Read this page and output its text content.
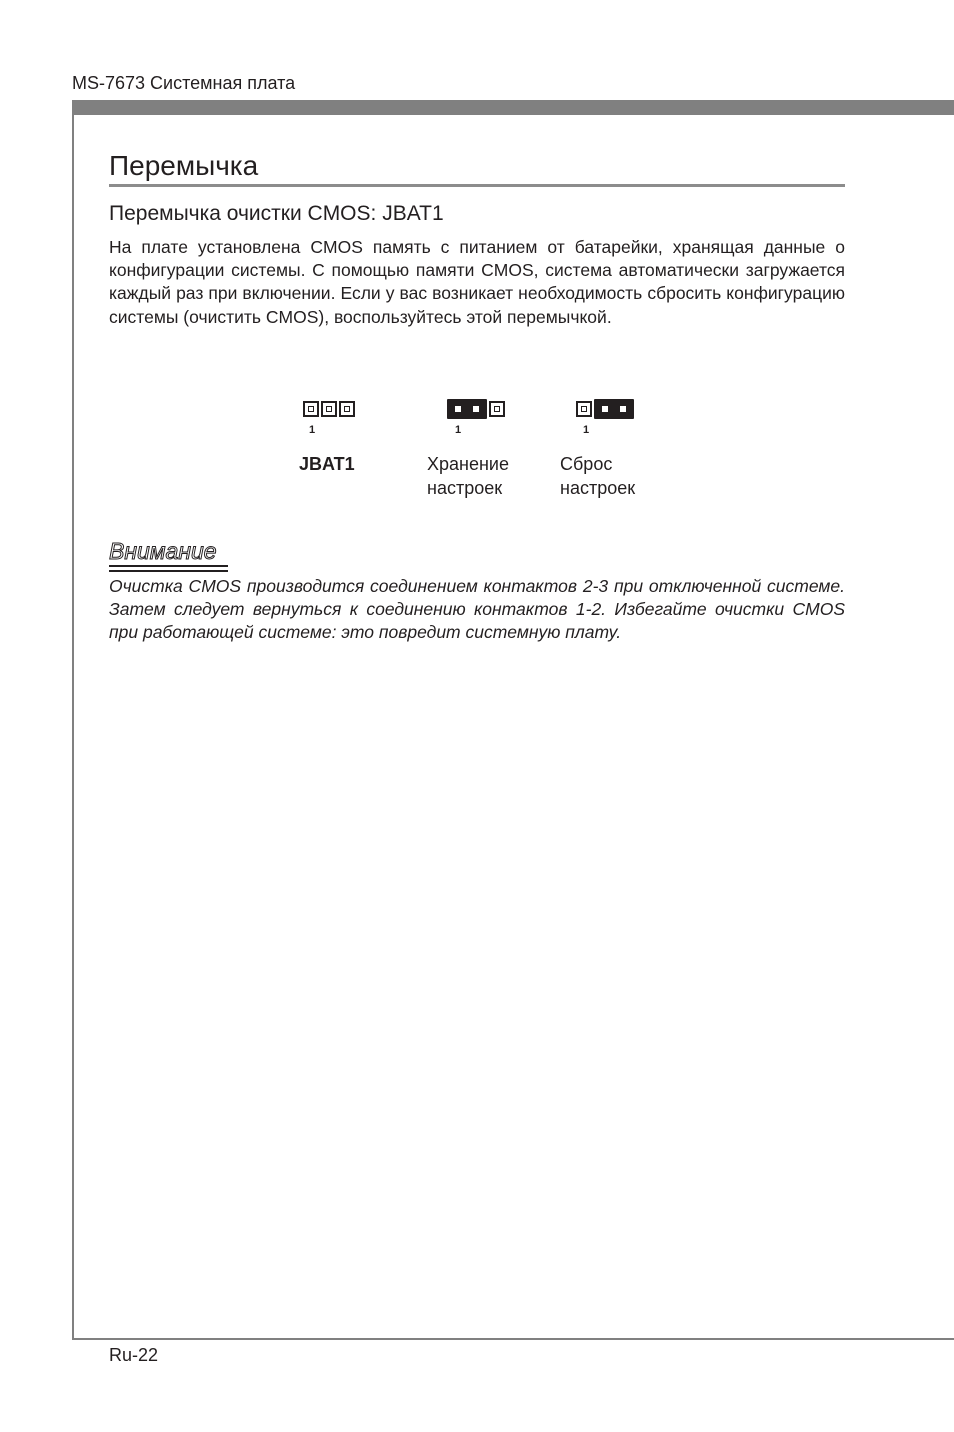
MS-7673 Системная плата
Перемычка
Перемычка очистки CMOS: JBAT1

На плате установлена CMOS память с питанием от батарейки, хранящая данные о конфигурации системы. С помощью памяти CMOS, система автоматически загружается каждый раз при включении. Если у вас возникает необходимость сбросить конфигурацию системы (очистить CMOS), воспользуйтесь этой перемычкой.

1
JBAT1
1
Хранение
настроек
1
Сброс
настроек
Внимание

Очистка CMOS производится соединением контактов 2-3 при отключенной системе. Затем следует вернуться к соединению контактов 1-2. Избегайте очистки CMOS при работающей системе: это повредит системную плату.

Ru-22
